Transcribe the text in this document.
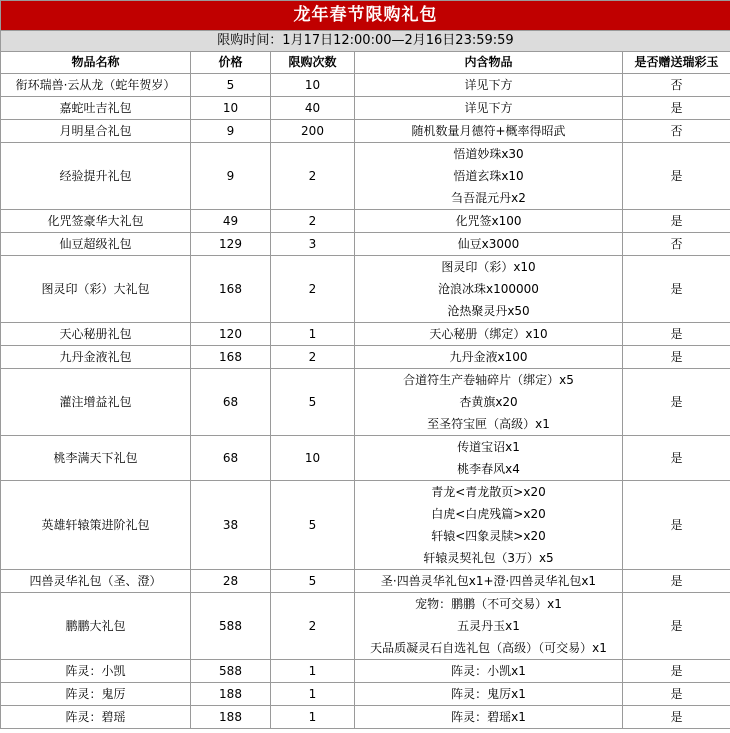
龙年春节限购礼包				
限购时间：1月17日12:00:00—2月16日23:59:59				
物品名称	价格	限购次数	内含物品	是否赠送瑞彩玉
衔环瑞兽·云从龙（蛇年贺岁）	5	10	详见下方	否
嘉蛇吐吉礼包	10	40	详见下方	是
月明星合礼包	9	200	随机数量月德符+概率得昭武	否
经验提升礼包	9	2	悟道妙珠x30
悟道玄珠x10
刍吾混元丹x2	是
化咒签豪华大礼包	49	2	化咒签x100	是
仙豆超级礼包	129	3	仙豆x3000	否
图灵印（彩）大礼包	168	2	图灵印（彩）x10
沧浪冰珠x100000
沧热聚灵丹x50	是
天心秘册礼包	120	1	天心秘册（绑定）x10	是
九丹金液礼包	168	2	九丹金液x100	是
灌注增益礼包	68	5	合道符生产卷轴碎片（绑定）x5
杏黄旗x20
至圣符宝匣（高级）x1	是
桃李满天下礼包	68	10	传道宝诏x1
桃李春风x4	是
英雄轩辕策进阶礼包	38	5	青龙<青龙散页>x20
白虎<白虎残篇>x20
轩辕<四象灵牍>x20
轩辕灵契礼包（3万）x5	是
四兽灵华礼包（圣、澄）	28	5	圣·四兽灵华礼包x1+澄·四兽灵华礼包x1	是
鹏鹏大礼包	588	2	宠物：鹏鹏（不可交易）x1
五灵丹玉x1
天品质凝灵石自选礼包（高级）（可交易）x1	是
阵灵：小凯	588	1	阵灵：小凯x1	是
阵灵：鬼厉	188	1	阵灵：鬼厉x1	是
阵灵：碧瑶	188	1	阵灵：碧瑶x1	是
